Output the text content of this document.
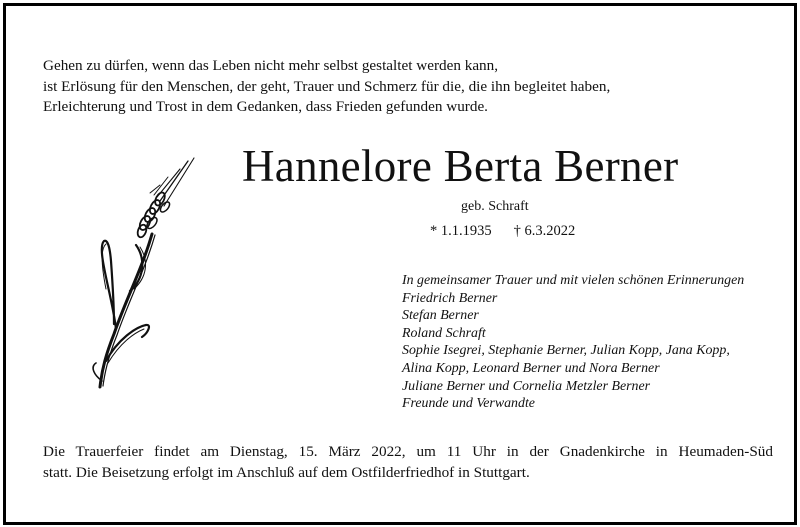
Gehen zu dürfen, wenn das Leben nicht mehr selbst gestaltet werden kann,
ist Erlösung für den Menschen, der geht, Trauer und Schmerz für die, die ihn begleitet haben,
Erleichterung und Trost in dem Gedanken, dass Frieden gefunden wurde.
Hannelore Berta Berner
geb. Schraft
* 1.1.1935 † 6.3.2022
In gemeinsamer Trauer und mit vielen schönen Erinnerungen
Friedrich Berner
Stefan Berner
Roland Schraft
Sophie Isegrei, Stephanie Berner, Julian Kopp, Jana Kopp,
Alina Kopp, Leonard Berner und Nora Berner
Juliane Berner und Cornelia Metzler Berner
Freunde und Verwandte
Die Trauerfeier findet am Dienstag, 15. März 2022, um 11 Uhr in der Gnadenkirche in Heumaden-Süd
statt. Die Beisetzung erfolgt im Anschluß auf dem Ostfilderfriedhof in Stuttgart.
